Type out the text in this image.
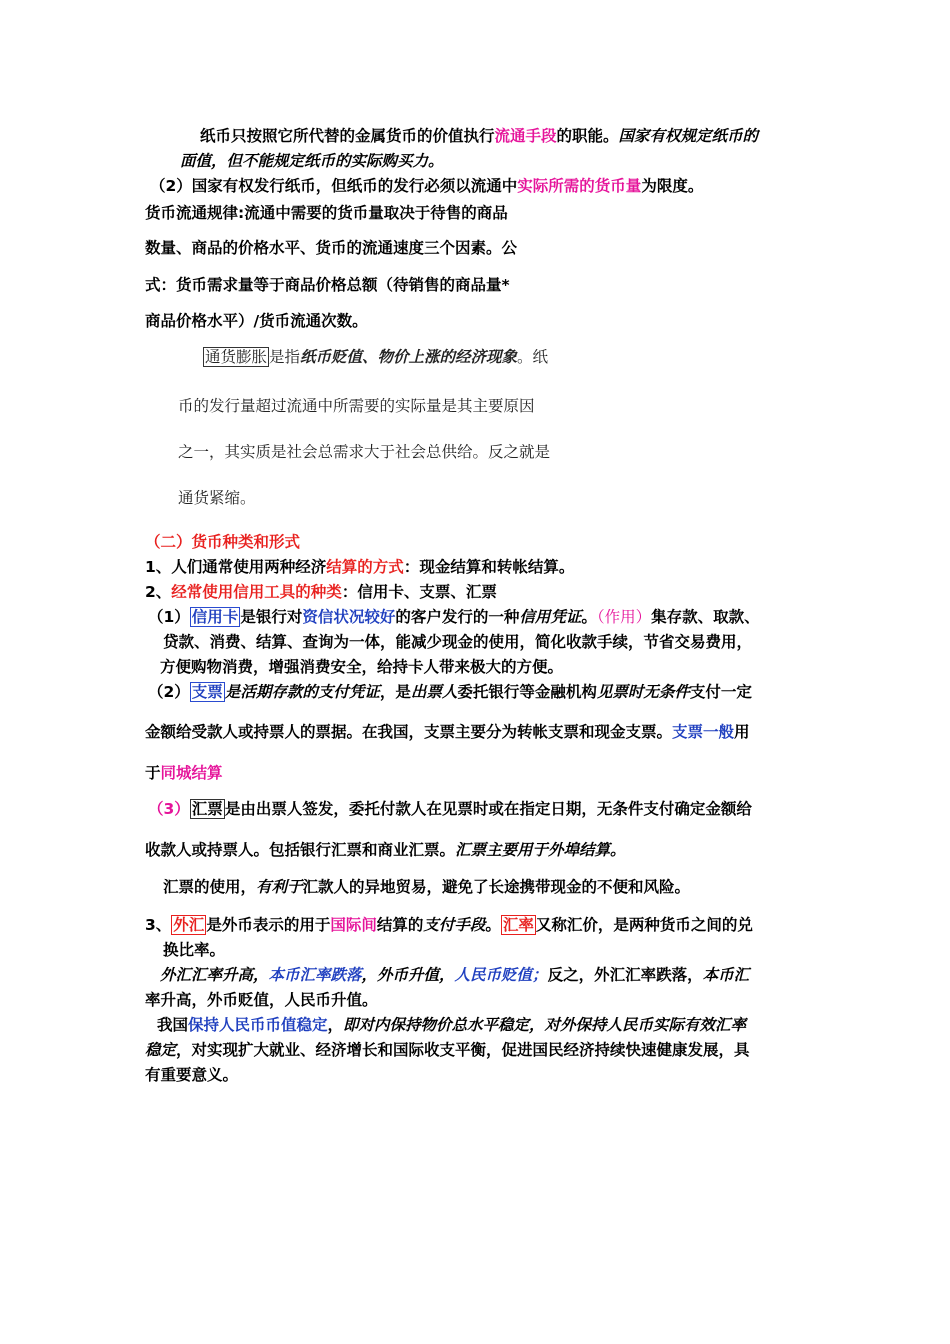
纸币只按照它所代替的金属货币的价值执行流通手段的职能。国家有权规定纸币的
面值，但不能规定纸币的实际购买力。
（2）国家有权发行纸币，但纸币的发行必须以流通中实际所需的货币量为限度。
货币流通规律:流通中需要的货币量取决于待售的商品
数量、商品的价格水平、货币的流通速度三个因素。公
式：货币需求量等于商品价格总额（待销售的商品量*
商品价格水平）/货币流通次数。
通货膨胀 是指纸币贬值、物价上涨的经济现象。纸
币的发行量超过流通中所需要的实际量是其主要原因
之一，其实质是社会总需求大于社会总供给。反之就是
通货紧缩。
（二）货币种类和形式
1、人们通常使用两种经济结算的方式：现金结算和转帐结算。
2、经常使用信用工具的种类：信用卡、支票、汇票
（1） 信用卡 是银行对资信状况较好的客户发行的一种信用凭证。（作用）集存款、取款、
贷款、消费、结算、查询为一体，能减少现金的使用，简化收款手续，节省交易费用，
方便购物消费，增强消费安全，给持卡人带来极大的方便。
（2） 支票 是活期存款的支付凭证，是出票人委托银行等金融机构见票时无条件支付一定
金额给受款人或持票人的票据。在我国，支票主要分为转帐支票和现金支票。支票一般用
于同城结算
（3） 汇票 是由出票人签发，委托付款人在见票时或在指定日期，无条件支付确定金额给
收款人或持票人。包括银行汇票和商业汇票。汇票主要用于外埠结算。
汇票的使用，有利于汇款人的异地贸易，避免了长途携带现金的不便和风险。
3、 外汇 是外币表示的用于国际间结算的支付手段。 汇率 又称汇价，是两种货币之间的兑
换比率。
外汇汇率升高，本币汇率跌落，外币升值，人民币贬值；反之，外汇汇率跌落，本币汇
率升高，外币贬值，人民币升值。
我国保持人民币币值稳定，即对内保持物价总水平稳定，对外保持人民币实际有效汇率
稳定，对实现扩大就业、经济增长和国际收支平衡，促进国民经济持续快速健康发展，具
有重要意义。
